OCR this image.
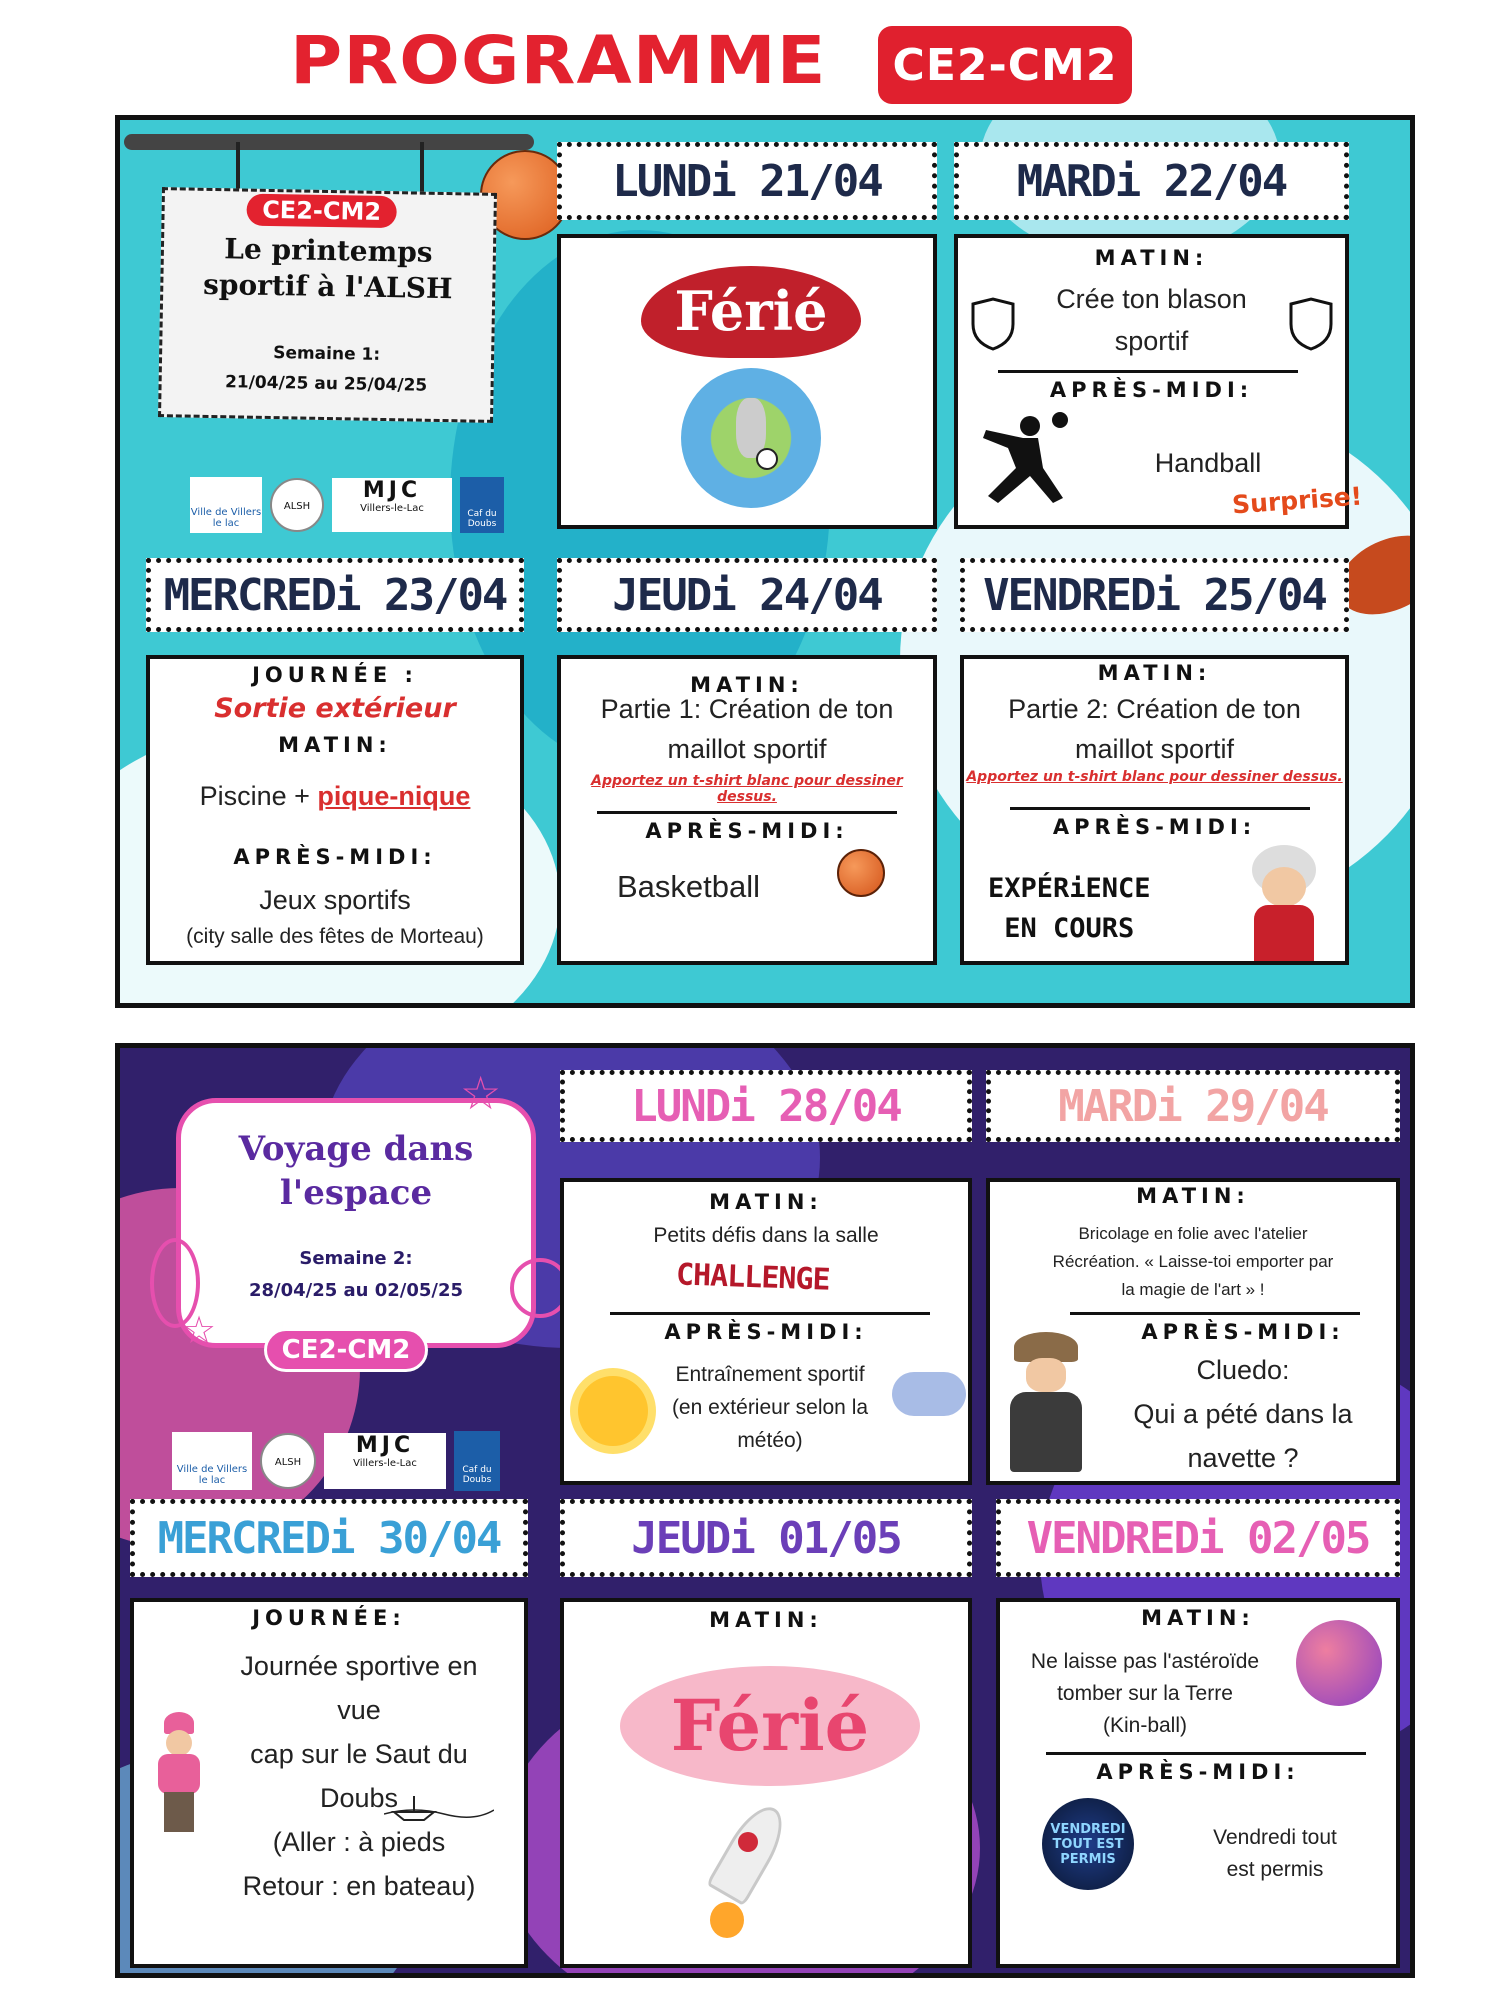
PROGRAMME	CE2-CM2
CE2-CM2
Le printemps
sportif à l'ALSH
Semaine 1:
21/04/25 au 25/04/25
Ville de Villers le lac
ALSH
MJC
Villers-le-Lac	Caf du Doubs
LUNDi 21/04	MARDi 22/04
Férié
MATIN:
Crée ton blason
sportif
APRÈS-MIDI:
Handball
Surprise!
MERCREDi 23/04	JEUDi 24/04	VENDREDi 25/04
JOURNÉE :
Sortie extérieur
MATIN:
Piscine + pique-nique
APRÈS-MIDI:
Jeux sportifs
(city salle des fêtes de Morteau)
MATIN:
Partie 1: Création de ton
maillot sportif
Apportez un t-shirt blanc pour dessiner dessus.
APRÈS-MIDI:
Basketball
MATIN:
Partie 2: Création de ton
maillot sportif
Apportez un t-shirt blanc pour dessiner dessus.
APRÈS-MIDI:
EXPÉRiENCE
EN COURS
Voyage dans
l'espace
Semaine 2:
28/04/25 au 02/05/25
CE2-CM2
☆
☆
Ville de Villers le lac
ALSH
MJC
Villers-le-Lac
Caf du Doubs
LUNDi 28/04	MARDi 29/04
MATIN:
Petits défis dans la salle
CHALLENGE
APRÈS-MIDI:
Entraînement sportif
(en extérieur selon la
météo)
MATIN:
Bricolage en folie avec l'atelier
Récréation. « Laisse-toi emporter par
la magie de l'art » !
APRÈS-MIDI:
Cluedo:
Qui a pété dans la
navette ?
MERCREDi 30/04	JEUDi 01/05	VENDREDi 02/05
JOURNÉE:
Journée sportive en
vue
cap sur le Saut du
Doubs
(Aller : à pieds
Retour : en bateau)
MATIN:
Férié
MATIN:
Ne laisse pas l'astéroïde
tomber sur la Terre
(Kin-ball)
APRÈS-MIDI:
VENDREDI
TOUT EST
PERMIS
Vendredi tout
est permis
